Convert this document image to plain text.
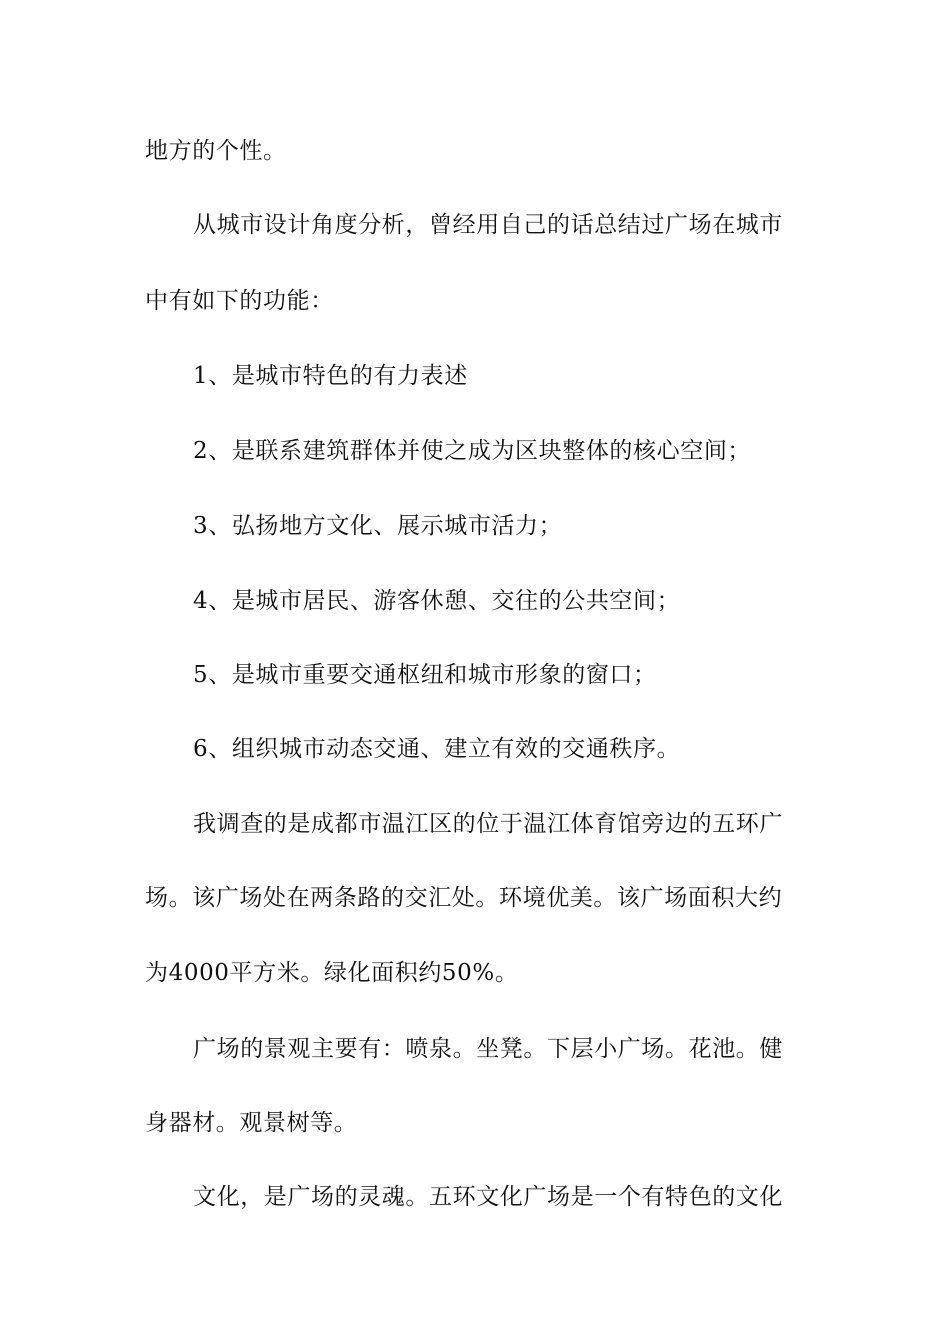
地方的个性。
从城市设计角度分析，曾经用自己的话总结过广场在城市
中有如下的功能：
1、是城市特色的有力表述
2、是联系建筑群体并使之成为区块整体的核心空间；
3、弘扬地方文化、展示城市活力；
4、是城市居民、游客休憩、交往的公共空间；
5、是城市重要交通枢纽和城市形象的窗口；
6、组织城市动态交通、建立有效的交通秩序。
我调查的是成都市温江区的位于温江体育馆旁边的五环广
场。该广场处在两条路的交汇处。环境优美。该广场面积大约
为4000平方米。绿化面积约50%。
广场的景观主要有：喷泉。坐凳。下层小广场。花池。健
身器材。观景树等。
文化，是广场的灵魂。五环文化广场是一个有特色的文化
